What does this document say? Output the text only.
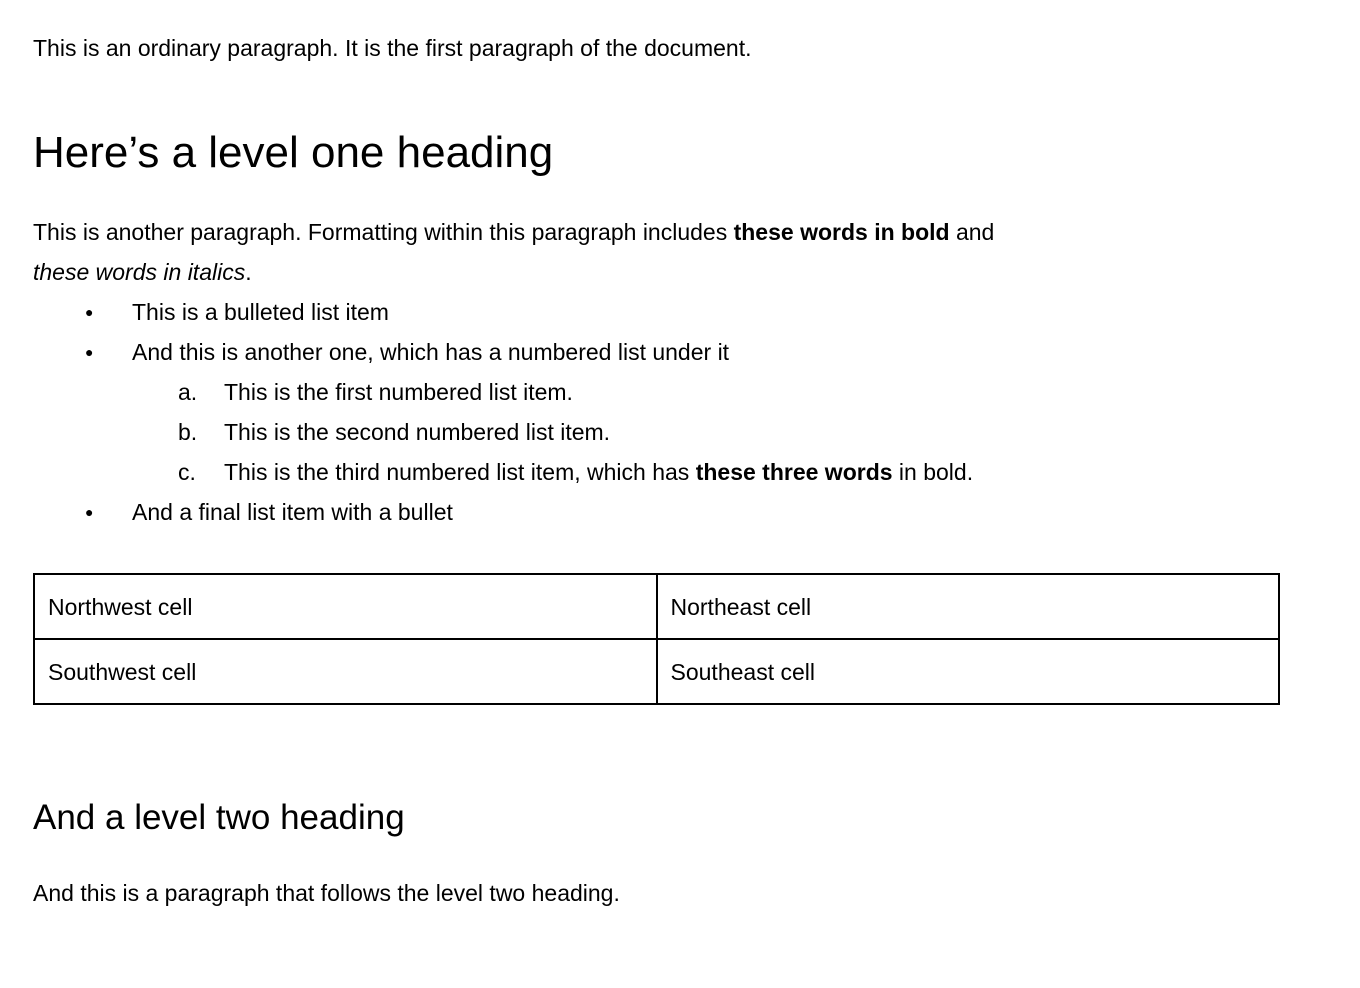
This is an ordinary paragraph. It is the first paragraph of the document.

Here’s a level one heading

This is another paragraph. Formatting within this paragraph includes these words in bold and
these words in italics.

● This is a bulleted list item
● And this is another one, which has a numbered list under it
a. This is the first numbered list item.
b. This is the second numbered list item.
c. This is the third numbered list item, which has these three words in bold.
● And a final list item with a bullet
Northwest cell	Northeast cell
Southwest cell	Southeast cell
And a level two heading

And this is a paragraph that follows the level two heading.
